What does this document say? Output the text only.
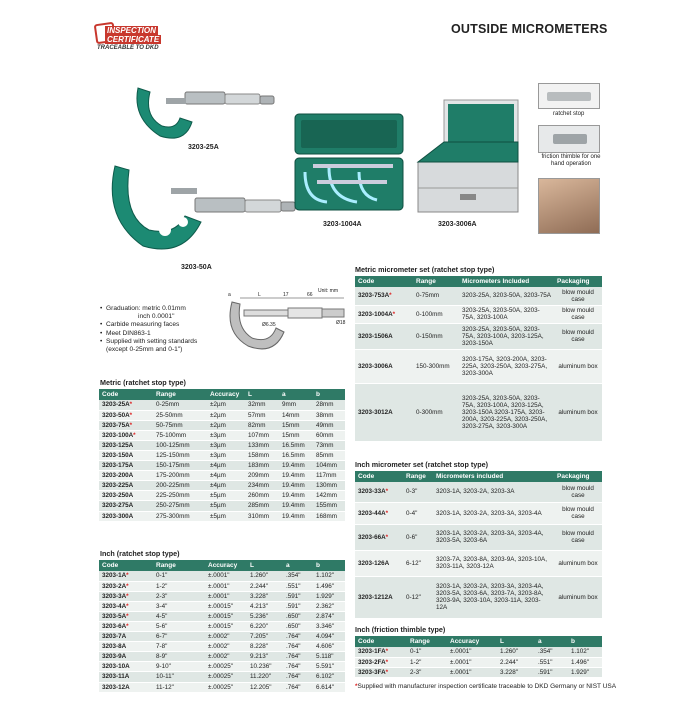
INSPECTION
CERTIFICATE
TRACEABLE TO DKD
OUTSIDE MICROMETERS
3203-25A
3203-50A
3203-1004A	3203-3006A
ratchet stop
friction thimble for one hand operation
Unit: mm
a	L	17	66
Ø6.35	Ø18
• Graduation: metric 0.01mm
inch 0.0001"
• Carbide measuring faces
• Meet DIN863-1
• Supplied with setting standards
(except 0-25mm and 0-1")
Metric (ratchet stop type)
Code	Range	Accuracy	L	a	b
3203-25A*	0-25mm	±2µm	32mm	9mm	28mm
3203-50A*	25-50mm	±2µm	57mm	14mm	38mm
3203-75A*	50-75mm	±2µm	82mm	15mm	49mm
3203-100A*	75-100mm	±3µm	107mm	15mm	60mm
3203-125A	100-125mm	±3µm	133mm	16.5mm	73mm
3203-150A	125-150mm	±3µm	158mm	16.5mm	85mm
3203-175A	150-175mm	±4µm	183mm	19.4mm	104mm
3203-200A	175-200mm	±4µm	209mm	19.4mm	117mm
3203-225A	200-225mm	±4µm	234mm	19.4mm	130mm
3203-250A	225-250mm	±5µm	260mm	19.4mm	142mm
3203-275A	250-275mm	±5µm	285mm	19.4mm	155mm
3203-300A	275-300mm	±5µm	310mm	19.4mm	168mm
Inch (ratchet stop type)
Code	Range	Accuracy	L	a	b
3203-1A*	0-1"	±.0001"	1.260"	.354"	1.102"
3203-2A*	1-2"	±.0001"	2.244"	.551"	1.496"
3203-3A*	2-3"	±.0001"	3.228"	.591"	1.929"
3203-4A*	3-4"	±.00015"	4.213"	.591"	2.362"
3203-5A*	4-5"	±.00015"	5.236"	.650"	2.874"
3203-6A*	5-6"	±.00015"	6.220"	.650"	3.346"
3203-7A	6-7"	±.0002"	7.205"	.764"	4.094"
3203-8A	7-8"	±.0002"	8.228"	.764"	4.606"
3203-9A	8-9"	±.0002"	9.213"	.764"	5.118"
3203-10A	9-10"	±.00025"	10.236"	.764"	5.591"
3203-11A	10-11"	±.00025"	11.220"	.764"	6.102"
3203-12A	11-12"	±.00025"	12.205"	.764"	6.614"
Metric micrometer set (ratchet stop type)
Code	Range	Micrometers Included	Packaging
3203-753A*	0-75mm	3203-25A, 3203-50A, 3203-75A	blow mould case
3203-1004A*	0-100mm	3203-25A, 3203-50A, 3203-75A, 3203-100A	blow mould case
3203-1506A	0-150mm	3203-25A, 3203-50A, 3203-75A, 3203-100A, 3203-125A, 3203-150A	blow mould case
3203-3006A	150-300mm	3203-175A, 3203-200A, 3203-225A, 3203-250A, 3203-275A, 3203-300A	aluminum box
3203-3012A	0-300mm	3203-25A, 3203-50A, 3203-75A, 3203-100A, 3203-125A, 3203-150A 3203-175A, 3203-200A, 3203-225A, 3203-250A, 3203-275A, 3203-300A	aluminum box
Inch micrometer set (ratchet stop type)
Code	Range	Micrometers included	Packaging
3203-33A*	0-3"	3203-1A, 3203-2A, 3203-3A	blow mould case
3203-44A*	0-4"	3203-1A, 3203-2A, 3203-3A, 3203-4A	blow mould case
3203-66A*	0-6"	3203-1A, 3203-2A, 3203-3A, 3203-4A, 3203-5A, 3203-6A	blow mould case
3203-126A	6-12"	3203-7A, 3203-8A, 3203-9A, 3203-10A, 3203-11A, 3203-12A	aluminum box
3203-1212A	0-12"	3203-1A, 3203-2A, 3203-3A, 3203-4A, 3203-5A, 3203-6A, 3203-7A, 3203-8A, 3203-9A, 3203-10A, 3203-11A, 3203-12A	aluminum box
Inch (friction thimble type)
Code	Range	Accuracy	L	a	b
3203-1FA*	0-1"	±.0001"	1.260"	.354"	1.102"
3203-2FA*	1-2"	±.0001"	2.244"	.551"	1.496"
3203-3FA*	2-3"	±.0001"	3.228"	.591"	1.929"
*Supplied with manufacturer inspection certificate traceable to DKD Germany or NIST USA
